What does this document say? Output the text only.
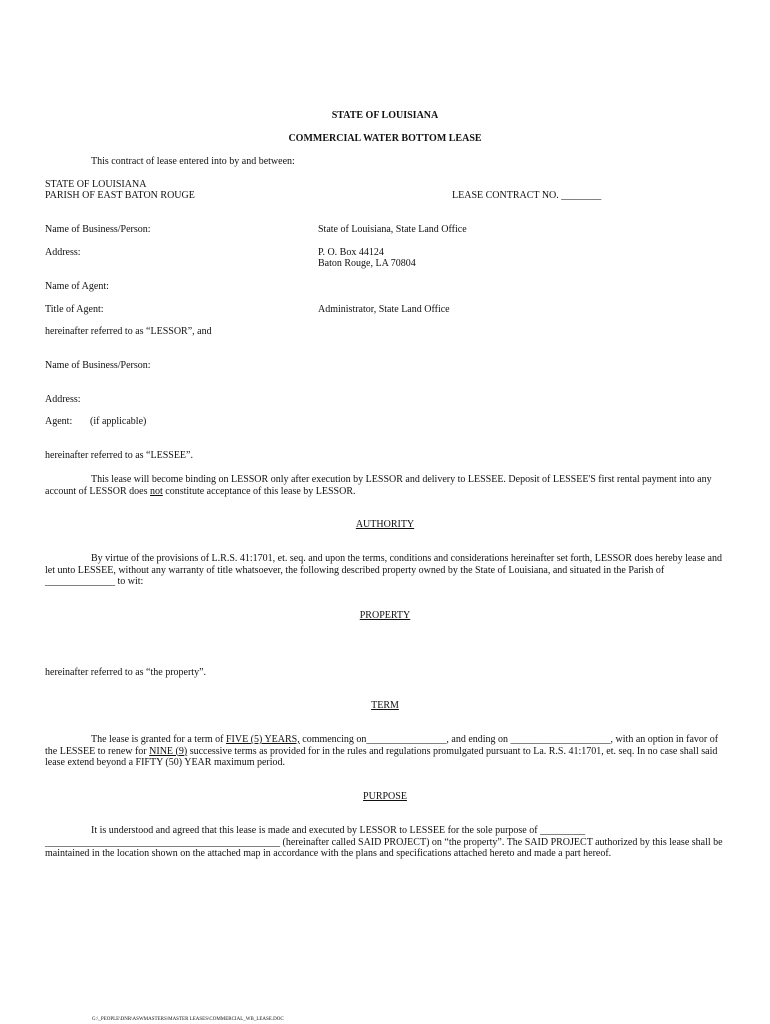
STATE OF LOUISIANA
COMMERCIAL WATER BOTTOM LEASE
This contract of lease entered into by and between:
STATE OF LOUISIANA
PARISH OF EAST BATON ROUGE	LEASE CONTRACT NO. ________
Name of Business/Person:	State of Louisiana, State Land Office
Address:	P. O. Box 44124
Baton Rouge, LA 70804
Name of Agent:
Title of Agent:	Administrator, State Land Office
hereinafter referred to as “LESSOR”, and
Name of Business/Person:
Address:
Agent: (if applicable)
hereinafter referred to as “LESSEE”.
This lease will become binding on LESSOR only after execution by LESSOR and delivery to LESSEE. Deposit of LESSEE'S first rental payment into any account of LESSOR does not constitute acceptance of this lease by LESSOR.
AUTHORITY
By virtue of the provisions of L.R.S. 41:1701, et. seq. and upon the terms, conditions and considerations hereinafter set forth, LESSOR does hereby lease and let unto LESSEE, without any warranty of title whatsoever, the following described property owned by the State of Louisiana, and situated in the Parish of ______________ to wit:
PROPERTY
hereinafter referred to as “the property”.
TERM
The lease is granted for a term of FIVE (5) YEARS, commencing on________________, and ending on ____________________, with an option in favor of the LESSEE to renew for NINE (9) successive terms as provided for in the rules and regulations promulgated pursuant to La. R.S. 41:1701, et. seq. In no case shall said lease extend beyond a FIFTY (50) YEAR maximum period.
PURPOSE
It is understood and agreed that this lease is made and executed by LESSOR to LESSEE for the sole purpose of _________ _______________________________________________ (hereinafter called SAID PROJECT) on “the property”. The SAID PROJECT authorized by this lease shall be maintained in the location shown on the attached map in accordance with the plans and specifications attached hereto and made a part hereof.
G:\_PEOPLE\DNR\ASWMASTERS\MASTER LEASES\COMMERCIAL_WB_LEASE.DOC
